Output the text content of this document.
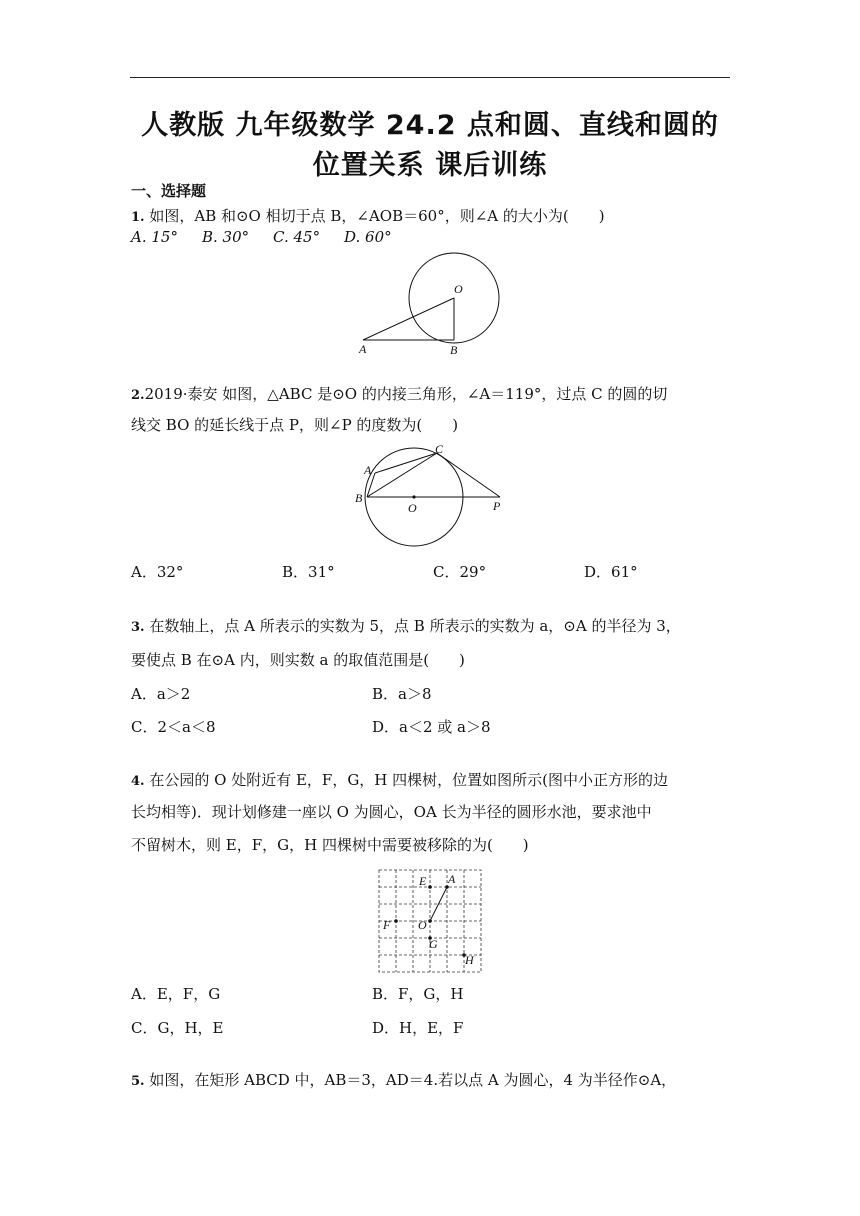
人教版 九年级数学 24.2 点和圆、直线和圆的
位置关系 课后训练
一、选择题
1. 如图，AB 和⊙O 相切于点 B，∠AOB＝60°，则∠A 的大小为(　　)
A. 15° B. 30° C. 45° D. 60°
O
A	B
2.2019·泰安 如图，△ABC 是⊙O 的内接三角形，∠A＝119°，过点 C 的圆的切
线交 BO 的延长线于点 P，则∠P 的度数为(　　)
A
B
C
O	P
A．32°	B．31°	C．29°	D．61°
3. 在数轴上，点 A 所表示的实数为 5，点 B 所表示的实数为 a，⊙A 的半径为 3，
要使点 B 在⊙A 内，则实数 a 的取值范围是(　　)
A．a＞2	B．a＞8
C．2＜a＜8	D．a＜2 或 a＞8
4. 在公园的 O 处附近有 E，F，G，H 四棵树，位置如图所示(图中小正方形的边
长均相等)．现计划修建一座以 O 为圆心，OA 长为半径的圆形水池，要求池中
不留树木，则 E，F，G，H 四棵树中需要被移除的为(　　)
E A
F O
G
H
A．E，F，G	B．F，G，H
C．G，H，E	D．H，E，F
5. 如图，在矩形 ABCD 中，AB＝3，AD＝4.若以点 A 为圆心，4 为半径作⊙A，
